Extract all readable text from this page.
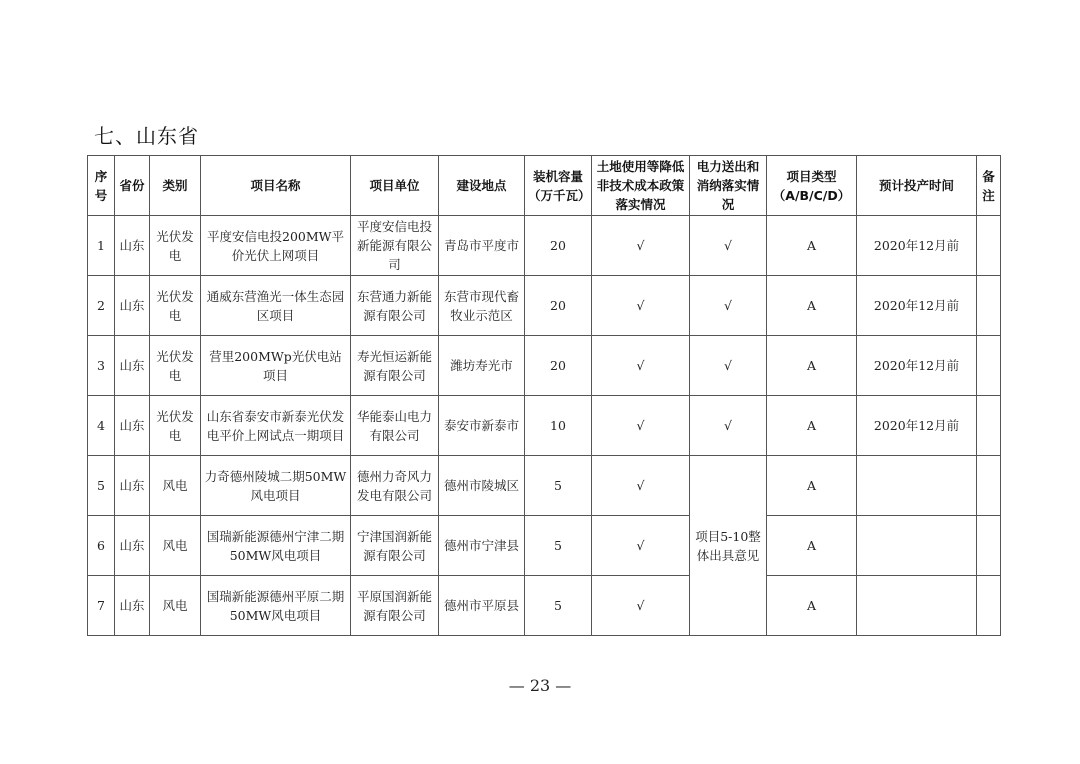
七、山东省
序号	省份	类别	项目名称	项目单位	建设地点	装机容量（万千瓦）	土地使用等降低非技术成本政策落实情况	电力送出和消纳落实情况	项目类型（A/B/C/D）	预计投产时间	备注
1	山东	光伏发电	平度安信电投200MW平价光伏上网项目	平度安信电投新能源有限公司	青岛市平度市	20	√	√	A	2020年12月前	
2	山东	光伏发电	通威东营渔光一体生态园区项目	东营通力新能源有限公司	东营市现代畜牧业示范区	20	√	√	A	2020年12月前	
3	山东	光伏发电	营里200MWp光伏电站项目	寿光恒运新能源有限公司	潍坊寿光市	20	√	√	A	2020年12月前	
4	山东	光伏发电	山东省泰安市新泰光伏发电平价上网试点一期项目	华能泰山电力有限公司	泰安市新泰市	10	√	√	A	2020年12月前	
5	山东	风电	力奇德州陵城二期50MW风电项目	德州力奇风力发电有限公司	德州市陵城区	5	√	项目5-10整体出具意见	A		
6	山东	风电	国瑞新能源德州宁津二期50MW风电项目	宁津国润新能源有限公司	德州市宁津县	5	√		A		
7	山东	风电	国瑞新能源德州平原二期50MW风电项目	平原国润新能源有限公司	德州市平原县	5	√		A		
— 23 —
